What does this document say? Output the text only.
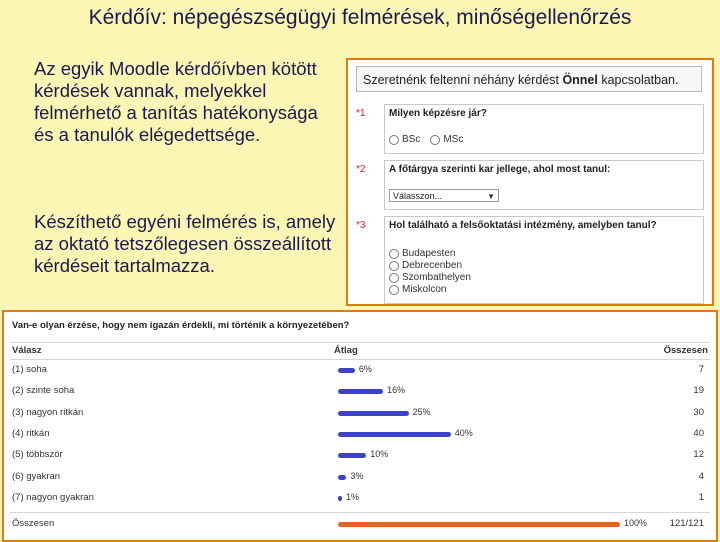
Kérdőív: népegészségügyi felmérések, minőségellenőrzés
Az egyik Moodle kérdőívben kötött kérdések vannak, melyekkel felmérhető a tanítás hatékonysága és a tanulók elégedettsége.
Készíthető egyéni felmérés is, amely az oktató tetszőlegesen összeállított kérdéseit tartalmazza.
Szeretnénk feltenni néhány kérdést Önnel kapcsolatban.
*1	Milyen képzésre jár?
BSc MSc
*2	A főtárgya szerinti kar jellege, ahol most tanul:
Válasszon...	▼
*3	Hol található a felsőoktatási intézmény, amelyben tanul?
Budapesten
Debrecenben
Szombathelyen
Miskolcon
Van-e olyan érzése, hogy nem igazán érdekli, mi történik a környezetében?
Válasz	Átlag	Összesen
(1) soha	6%	7
(2) szinte soha	16%	19
(3) nagyon ritkán	25%	30
(4) ritkán	40%	40
(5) többször	10%	12
(6) gyakran	3%	4
(7) nagyon gyakran	1%	1
Összesen	100% 121/121
